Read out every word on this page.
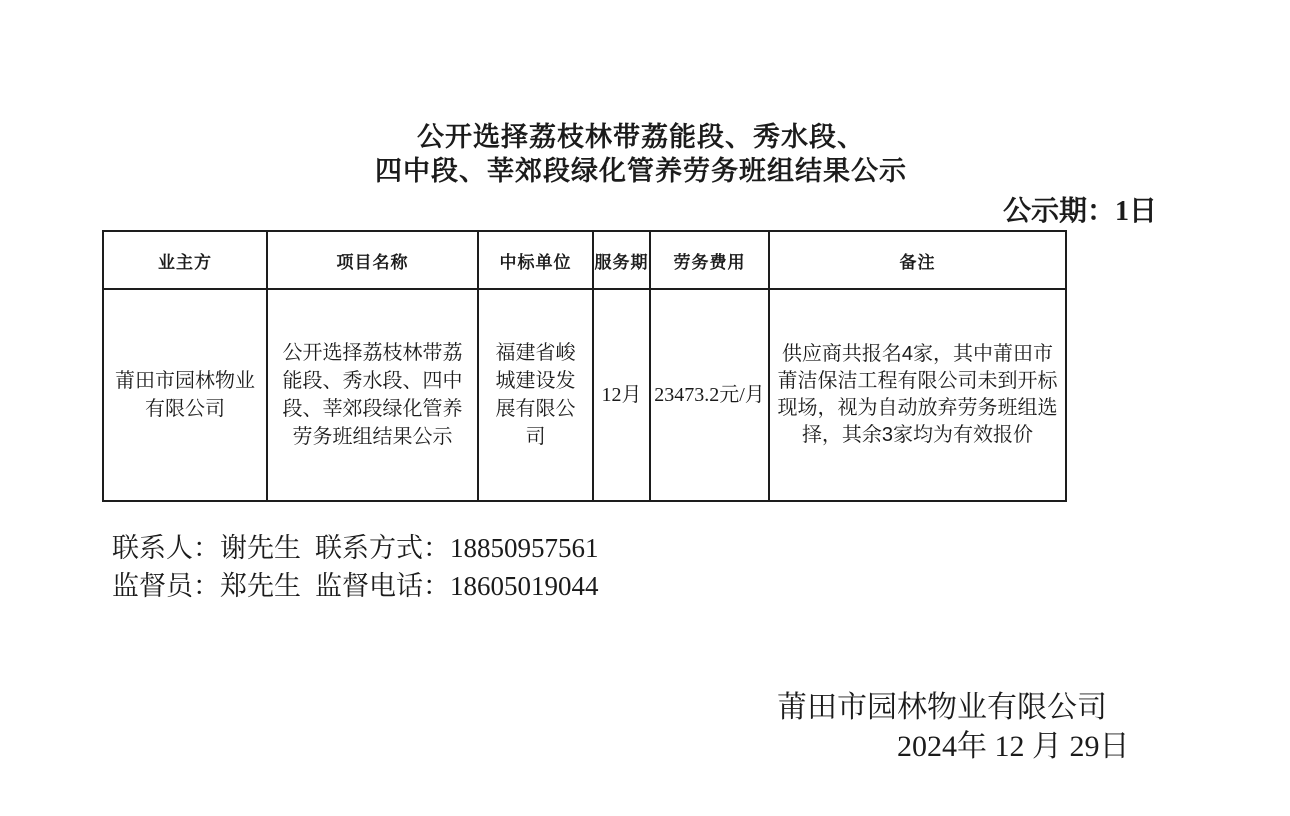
公开选择荔枝林带荔能段、秀水段、
四中段、莘郊段绿化管养劳务班组结果公示
公示期：1日
业主方	项目名称	中标单位	服务期	劳务费用	备注
莆田市园林物业有限公司	公开选择荔枝林带荔能段、秀水段、四中段、莘郊段绿化管养劳务班组结果公示	福建省峻城建设发展有限公司	12月	23473.2元/月	供应商共报名4家，其中莆田市莆洁保洁工程有限公司未到开标现场，视为自动放弃劳务班组选择，其余3家均为有效报价
联系人：谢先生 联系方式：18850957561
监督员：郑先生 监督电话：18605019044
莆田市园林物业有限公司
2024年 12 月 29日
